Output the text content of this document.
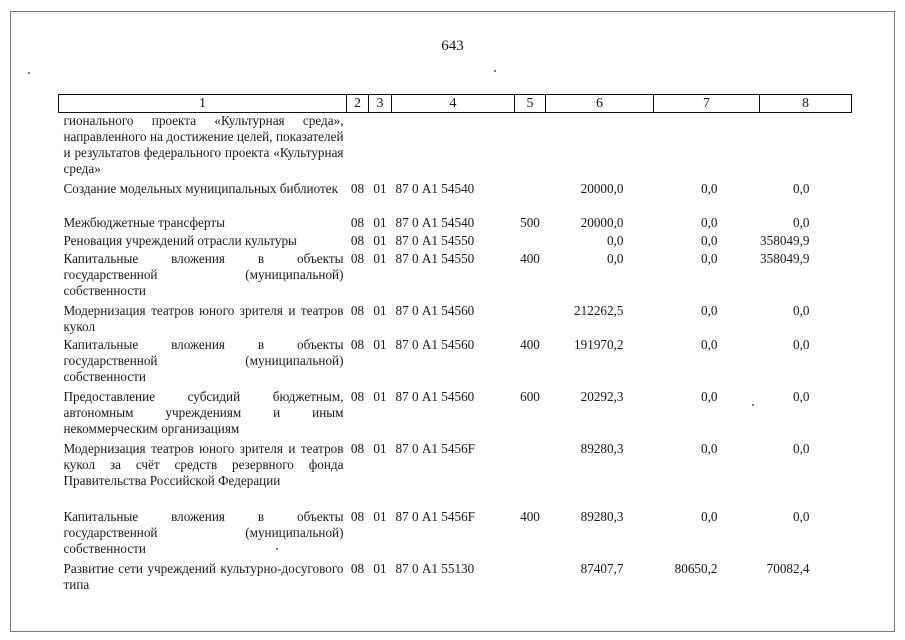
643
1	2	3	4	5	6	7	8
гионального проекта «Культурная среда», направленного на достижение целей, показателей и результатов федерального проекта «Культурная среда»							
Создание модельных муниципальных библиотек	08	01	87 0 А1 54540		20000,0	0,0	0,0
Межбюджетные трансферты	08	01	87 0 А1 54540	500	20000,0	0,0	0,0
Реновация учреждений отрасли культуры	08	01	87 0 А1 54550		0,0	0,0	358049,9
Капитальные вложения в объекты государственной (муниципальной) собственности	08	01	87 0 А1 54550	400	0,0	0,0	358049,9
Модернизация театров юного зрителя и театров кукол	08	01	87 0 А1 54560		212262,5	0,0	0,0
Капитальные вложения в объекты государственной (муниципальной) собственности	08	01	87 0 А1 54560	400	191970,2	0,0	0,0
Предоставление субсидий бюджетным, автономным учреждениям и иным некоммерческим организациям	08	01	87 0 А1 54560	600	20292,3	0,0	0,0
Модернизация театров юного зрителя и театров кукол за счёт средств резервного фонда Правительства Российской Федерации	08	01	87 0 А1 5456F		89280,3	0,0	0,0
Капитальные вложения в объекты государственной (муниципальной) собственности	08	01	87 0 А1 5456F	400	89280,3	0,0	0,0
Развитие сети учреждений культурно-досугового типа	08	01	87 0 А1 55130		87407,7	80650,2	70082,4
